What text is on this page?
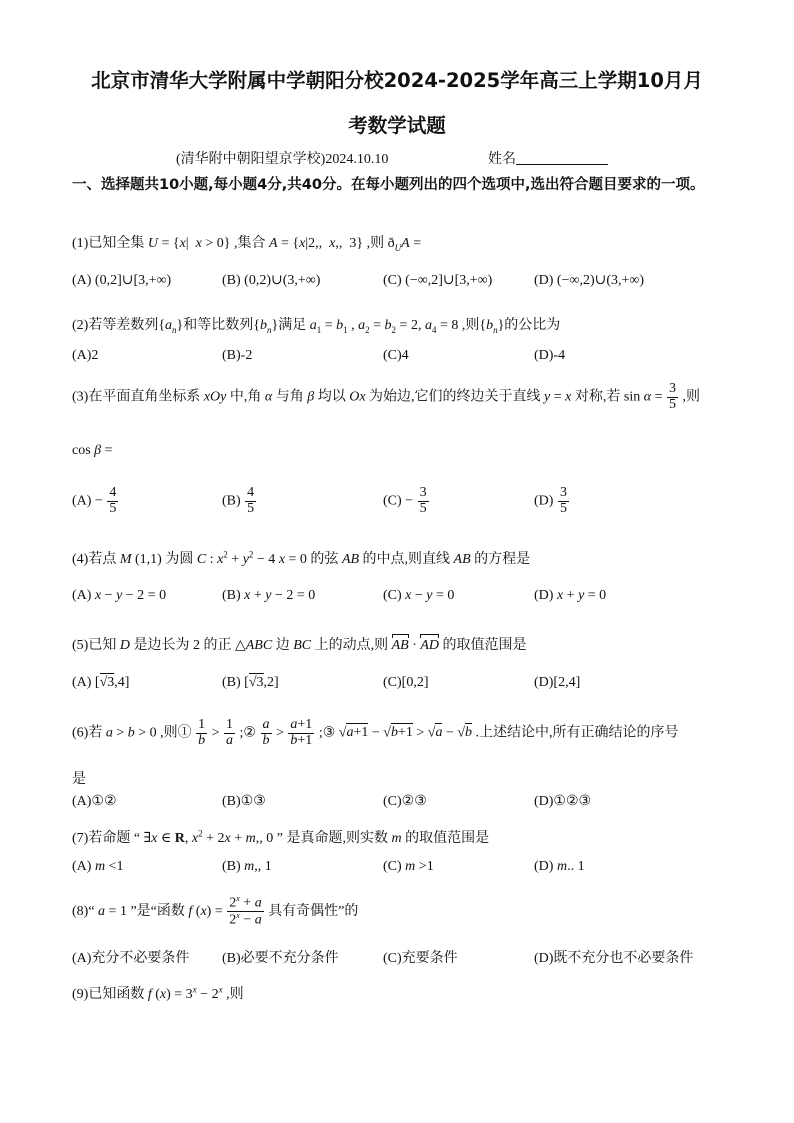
北京市清华大学附属中学朝阳分校2024-2025学年高三上学期10月月
考数学试题
(清华附中朝阳望京学校)2024.10.10	姓名
一、选择题共10小题,每小题4分,共40分。在每小题列出的四个选项中,选出符合题目要求的一项。
(1)已知全集 U = {x|  x > 0} ,集合 A = {x|2,,  x,,  3} ,则 $ð_UA$ =
(A) (0,2]∪[3,+∞)	(B) (0,2)∪(3,+∞)	(C) (−∞,2]∪[3,+∞)	(D) (−∞,2)∪(3,+∞)
(2)若等差数列$\{a_n\}$和等比数列$\{b_n\}$满足 $a_1 = b_1$ , $a_2 = b_2 = 2$, $a_4 = 8$ ,则$\{b_n\}$的公比为
(A)2	(B)-2	(C)4	(D)-4
(3)在平面直角坐标系 xOy 中,角 α 与角 β 均以 Ox 为始边,它们的终边关于直线 y = x 对称,若 $\sin \alpha = \frac{3}{5}$ ,则
cos β =
$(A) - \frac{4}{5}$	$(B) \frac{4}{5}$	$(C) - \frac{3}{5}$	$(D) \frac{3}{5}$
(4)若点 M (1,1) 为圆 C : $x^2 + y^2 - 4$ x = 0 的弦 AB 的中点,则直线 AB 的方程是
(A) x − y − 2 = 0	(B) x + y − 2 = 0	(C) x − y = 0	(D) x + y = 0
(5)已知 D 是边长为 2 的正 △ABC 边 BC 上的动点,则 AB · AD 的取值范围是
(A) [√3,4]	(B) [√3,2]	(C)[0,2]	(D)[2,4]
(6)若 a > b > 0 ,则① $\frac{1}{b} > \frac{1}{a}$ ;② $\frac{a}{b} > \frac{a+1}{b+1}$ ;③ √a+1 − √b+1 > √a − √b .上述结论中,所有正确结论的序号
是
(A)①②	(B)①③	(C)②③	(D)①②③
(7)若命题 “ ∃x ∈ R, $x^2 + 2x + m$,, 0 ” 是真命题,则实数 m 的取值范围是
(A) m <1	(B) m,, 1	(C) m >1	(D) m.. 1
(8)“ a = 1 ”是“函数 f $(x) = \frac{2^x + a}{2^x - a}$ 具有奇偶性”的
(A)充分不必要条件 (B)必要不充分条件	(C)充要条件	(D)既不充分也不必要条件
(9)已知函数 f $(x) = 3^x - 2^x$ ,则
